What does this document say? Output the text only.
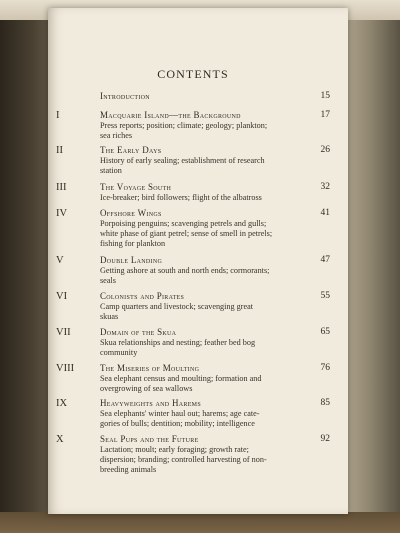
CONTENTS
Introduction	15
I	Macquarie Island—the Background	17
Press reports; position; climate; geology; plankton;
sea riches
II	The Early Days	26
History of early sealing; establishment of research
station
III	The Voyage South	32
Ice-breaker; bird followers; flight of the albatross
IV	Offshore Wings	41
Porpoising penguins; scavenging petrels and gulls;
white phase of giant petrel; sense of smell in petrels;
fishing for plankton
V	Double Landing	47
Getting ashore at south and north ends; cormorants;
seals
VI	Colonists and Pirates	55
Camp quarters and livestock; scavenging great
skuas
VII	Domain of the Skua	65
Skua relationships and nesting; feather bed bog
community
VIII	The Miseries of Moulting	76
Sea elephant census and moulting; formation and
overgrowing of sea wallows
IX	Heavyweights and Harems	85
Sea elephants' winter haul out; harems; age cate-
gories of bulls; dentition; mobility; intelligence
X	Seal Pups and the Future	92
Lactation; moult; early foraging; growth rate;
dispersion; branding; controlled harvesting of non-
breeding animals
